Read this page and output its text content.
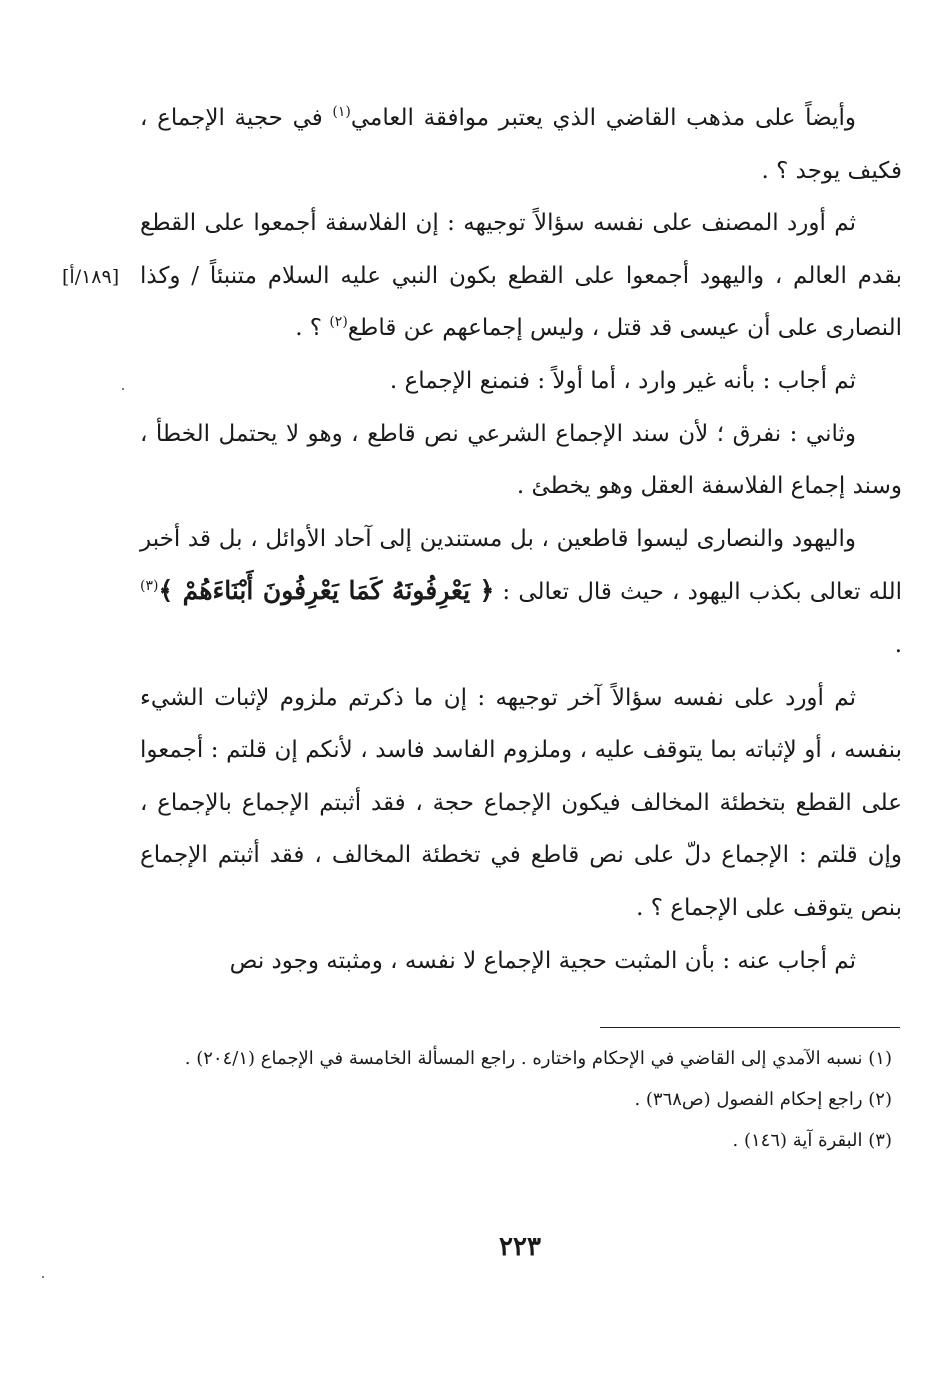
وأيضاً على مذهب القاضي الذي يعتبر موافقة العامي$^{(١)}$ في حجية الإجماع ، فكيف يوجد ؟ .

ثم أورد المصنف على نفسه سؤالاً توجيهه : إن الفلاسفة أجمعوا على القطع بقدم العالم ، واليهود أجمعوا على القطع بكون النبي عليه السلام متنبئاً / وكذا النصارى على أن عيسى قد قتل ، وليس إجماعهم عن قاطع$^{(٢)}$ ؟ .

ثم أجاب : بأنه غير وارد ، أما أولاً : فنمنع الإجماع .

وثاني : نفرق ؛ لأن سند الإجماع الشرعي نص قاطع ، وهو لا يحتمل الخطأ ، وسند إجماع الفلاسفة العقل وهو يخطئ .

واليهود والنصارى ليسوا قاطعين ، بل مستندين إلى آحاد الأوائل ، بل قد أخبر الله تعالى بكذب اليهود ، حيث قال تعالى : ﴿ يَعْرِفُونَهُ كَمَا يَعْرِفُونَ أَبْنَاءَهُمْ ﴾$^{(٣)}$ .

ثم أورد على نفسه سؤالاً آخر توجيهه : إن ما ذكرتم ملزوم لإثبات الشيء بنفسه ، أو لإثباته بما يتوقف عليه ، وملزوم الفاسد فاسد ، لأنكم إن قلتم : أجمعوا على القطع بتخطئة المخالف فيكون الإجماع حجة ، فقد أثبتم الإجماع بالإجماع ، وإن قلتم : الإجماع دلّ على نص قاطع في تخطئة المخالف ، فقد أثبتم الإجماع بنص يتوقف على الإجماع ؟ .

ثم أجاب عنه : بأن المثبت حجية الإجماع لا نفسه ، ومثبته وجود نص

[١٨٩/أ]

(١) نسبه الآمدي إلى القاضي في الإحكام واختاره . راجع المسألة الخامسة في الإجماع (٢٠٤/١) .

(٢) راجع إحكام الفصول (ص٣٦٨) .

(٣) البقرة آية (١٤٦) .

٢٢٣
